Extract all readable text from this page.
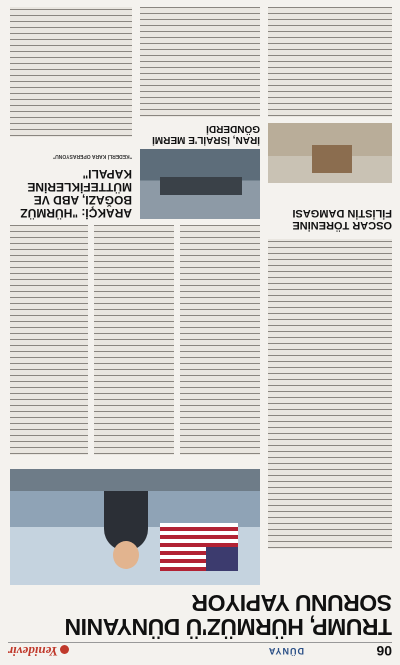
06
DÜNYA
Yenidevir
TRUMP, HÜRMÜZ'Ü DÜNYANIN SORUNU YAPIYOR
OSCAR TÖRENİNE FİLİSTİN DAMGASI
İRAN, İSRAİL'E MERMİ GÖNDERDİ
ARAKÇİ: "HÜRMÜZ BOĞAZI, ABD VE MÜTTEFİKLERİNE KAPALI"

"KEDERLİ KARA OPERASYONU"
